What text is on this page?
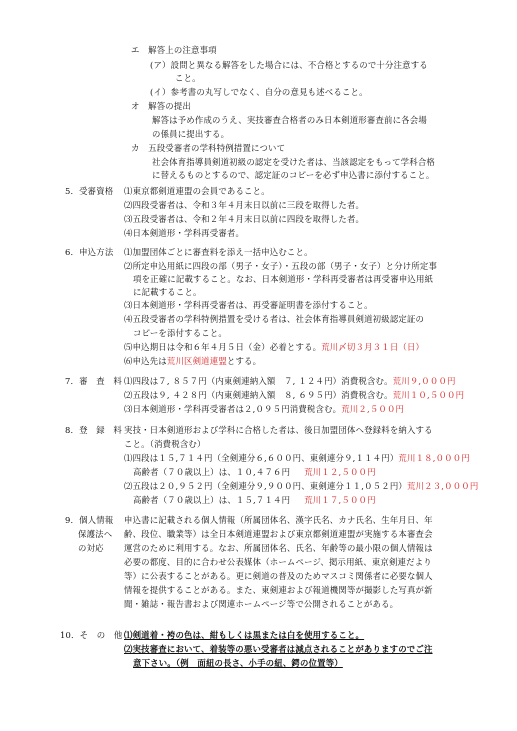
エ　解答上の注意事項
(ア）設問と異なる解答をした場合には、不合格とするので十分注意する
こと。
(イ）参考書の丸写しでなく、自分の意見も述べること。
オ　解答の提出
解答は予め作成のうえ、実技審査合格者のみ日本剣道形審査前に各会場
の係員に提出する。
カ　五段受審者の学科特例措置について
社会体育指導員剣道初級の認定を受けた者は、当該認定をもって学科合格
に替えるものとするので、認定証のコピーを必ず申込書に添付すること。
5．受審資格 ⑴東京都剣道連盟の会員であること。
⑵四段受審者は、令和３年４月末日以前に三段を取得した者。
⑶五段受審者は、令和２年４月末日以前に四段を取得した者。
⑷日本剣道形・学科再受審者。
6．申込方法 ⑴加盟団体ごとに審査料を添え一括申込むこと。
⑵所定申込用紙に四段の部（男子・女子）・五段の部（男子・女子）と分け所定事
項を正確に記載すること。なお、日本剣道形・学科再受審者は再受審申込用紙
に記載すること。
⑶日本剣道形・学科再受審者は、再受審証明書を添付すること。
⑷五段受審者の学科特例措置を受ける者は、社会体育指導員剣道初級認定証の
コピーを添付すること。
⑸申込期日は令和６年４月５日（金）必着とする。荒川〆切３月３１日（日）
⑹申込先は荒川区剣道連盟とする。
7．審　査　料 ⑴四段は７, ８５７円（内東剣連納入額　７, １２４円）消費税含む。荒川９,０００円
⑵五段は９, ４２８円（内東剣連納入額　８, ６９５円）消費税含む。荒川１０,５００円
⑶日本剣道形・学科再受審者は２,０９５円消費税含む。荒川２,５００円
8．登　録　料 実技・日本剣道形および学科に合格した者は、後日加盟団体へ登録料を納入する
こと。（消費税含む）
⑴四段は１５,７１４円（全剣連分６,６００円、東剣連分９,１１４円）荒川１８,０００円
高齢者（７０歳以上）は、１０,４７６円 荒川１２,５００円
⑵五段は２０,９５２円（全剣連分９,９００円、東剣連分１１,０５２円）荒川２３,０００円
高齢者（７０歳以上）は、１５,７１４円 荒川１７,５００円
9．個人情報
保護法へ
の対応
申込書に記載される個人情報（所属団体名、漢字氏名、カナ氏名、生年月日、年
齢、段位、職業等）は全日本剣道連盟および東京都剣道連盟が実施する本審査会
運営のために利用する。なお、所属団体名、氏名、年齢等の最小限の個人情報は
必要の都度、目的に合わせ公表媒体（ホームページ、掲示用紙、東京剣連だより
等）に公表することがある。更に剣道の普及のためマスコミ関係者に必要な個人
情報を提供することがある。また、東剣連および報道機関等が撮影した写真が新
聞・雑誌・報告書および関連ホームページ等で公開されることがある。
10．そ　の　他 ⑴剣道着・袴の色は、紺もしくは黒または白を使用すること。
⑵実技審査において、着装等の悪い受審者は減点されることがありますのでご注
意下さい。（例　面紐の長さ、小手の紐、鍔の位置等）
